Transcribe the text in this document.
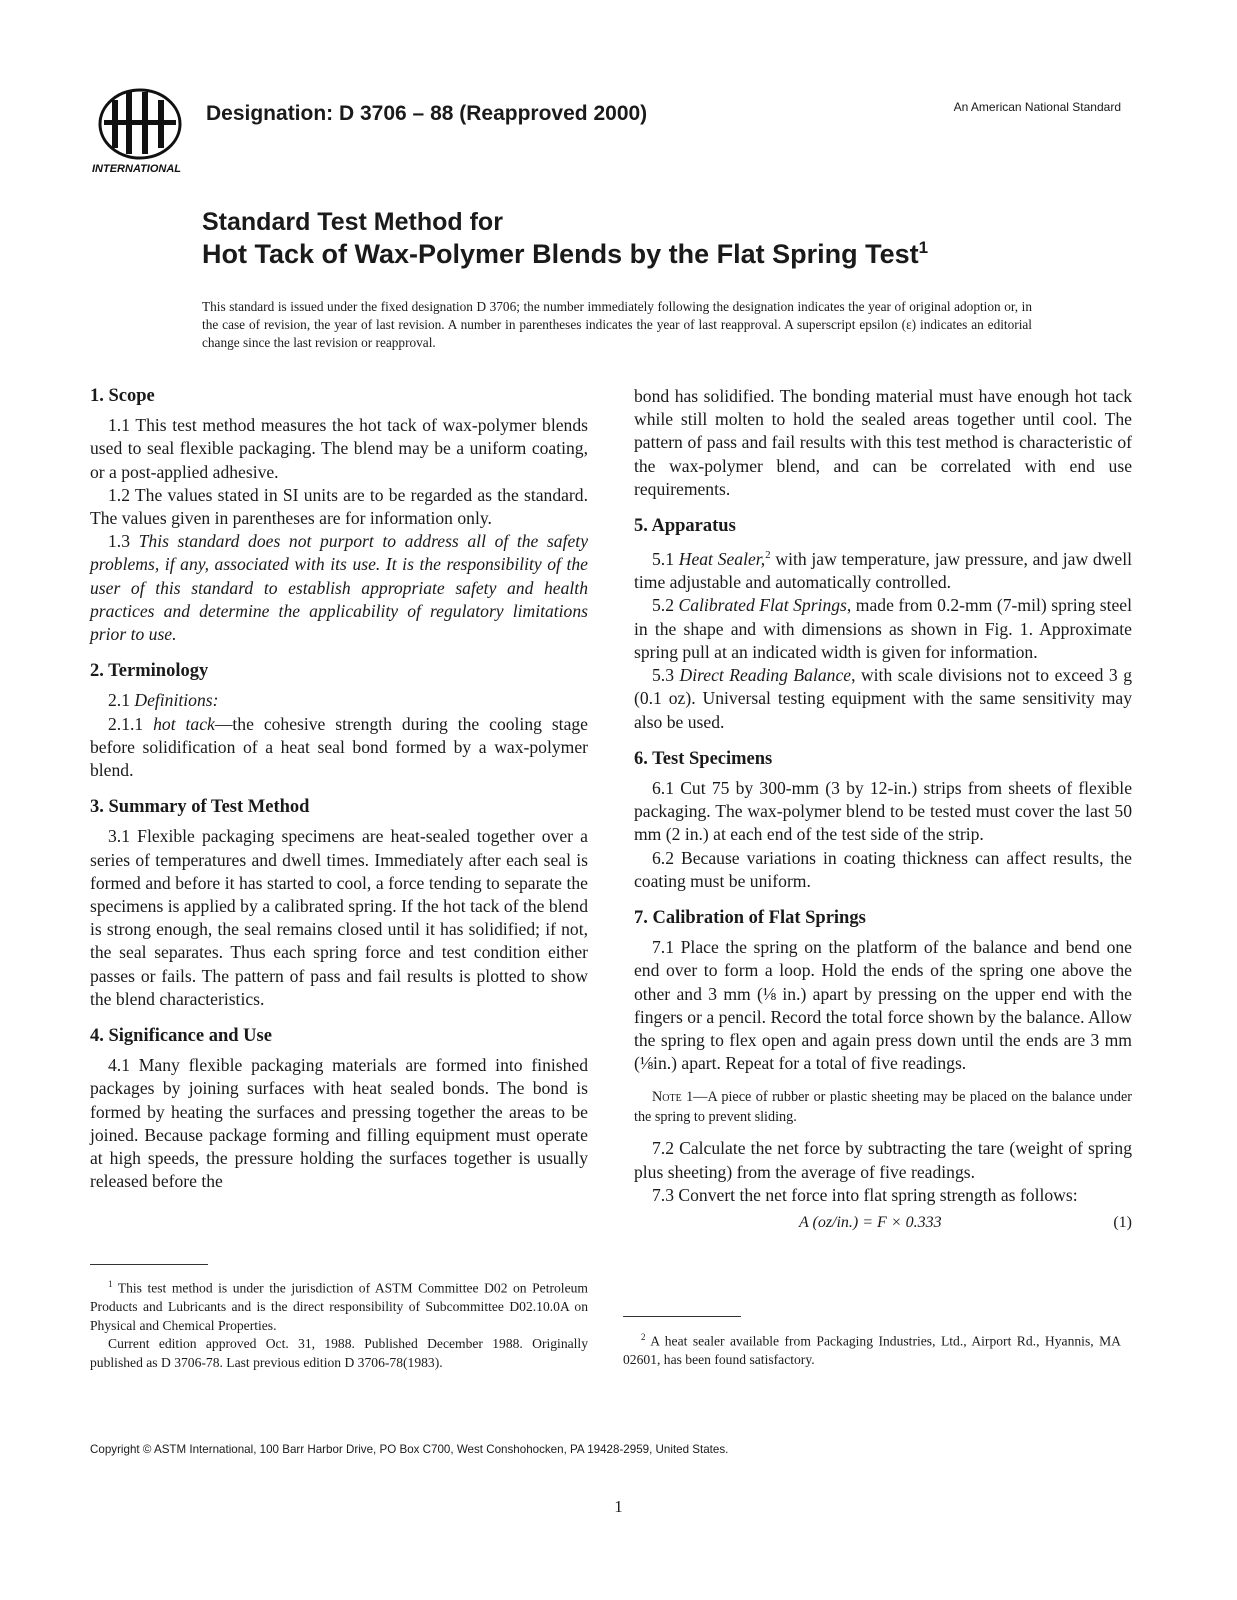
INTERNATIONAL
Designation: D 3706 – 88 (Reapproved 2000)	An American National Standard
Standard Test Method for
Hot Tack of Wax-Polymer Blends by the Flat Spring Test$^1$
This standard is issued under the fixed designation D 3706; the number immediately following the designation indicates the year of original adoption or, in the case of revision, the year of last revision. A number in parentheses indicates the year of last reapproval. A superscript epsilon (ε) indicates an editorial change since the last revision or reapproval.
1. Scope

1.1 This test method measures the hot tack of wax-polymer blends used to seal flexible packaging. The blend may be a uniform coating, or a post-applied adhesive.

1.2 The values stated in SI units are to be regarded as the standard. The values given in parentheses are for information only.

1.3 This standard does not purport to address all of the safety problems, if any, associated with its use. It is the responsibility of the user of this standard to establish appropriate safety and health practices and determine the applicability of regulatory limitations prior to use.

2. Terminology

2.1 Definitions:

2.1.1 hot tack—the cohesive strength during the cooling stage before solidification of a heat seal bond formed by a wax-polymer blend.

3. Summary of Test Method

3.1 Flexible packaging specimens are heat-sealed together over a series of temperatures and dwell times. Immediately after each seal is formed and before it has started to cool, a force tending to separate the specimens is applied by a calibrated spring. If the hot tack of the blend is strong enough, the seal remains closed until it has solidified; if not, the seal separates. Thus each spring force and test condition either passes or fails. The pattern of pass and fail results is plotted to show the blend characteristics.

4. Significance and Use

4.1 Many flexible packaging materials are formed into finished packages by joining surfaces with heat sealed bonds. The bond is formed by heating the surfaces and pressing together the areas to be joined. Because package forming and filling equipment must operate at high speeds, the pressure holding the surfaces together is usually released before the

bond has solidified. The bonding material must have enough hot tack while still molten to hold the sealed areas together until cool. The pattern of pass and fail results with this test method is characteristic of the wax-polymer blend, and can be correlated with end use requirements.

5. Apparatus

5.1 Heat Sealer,$^2$ with jaw temperature, jaw pressure, and jaw dwell time adjustable and automatically controlled.

5.2 Calibrated Flat Springs, made from 0.2-mm (7-mil) spring steel in the shape and with dimensions as shown in Fig. 1. Approximate spring pull at an indicated width is given for information.

5.3 Direct Reading Balance, with scale divisions not to exceed 3 g (0.1 oz). Universal testing equipment with the same sensitivity may also be used.

6. Test Specimens

6.1 Cut 75 by 300-mm (3 by 12-in.) strips from sheets of flexible packaging. The wax-polymer blend to be tested must cover the last 50 mm (2 in.) at each end of the test side of the strip.

6.2 Because variations in coating thickness can affect results, the coating must be uniform.

7. Calibration of Flat Springs

7.1 Place the spring on the platform of the balance and bend one end over to form a loop. Hold the ends of the spring one above the other and 3 mm (⅛ in.) apart by pressing on the upper end with the fingers or a pencil. Record the total force shown by the balance. Allow the spring to flex open and again press down until the ends are 3 mm (⅛in.) apart. Repeat for a total of five readings.

Note 1—A piece of rubber or plastic sheeting may be placed on the balance under the spring to prevent sliding.

7.2 Calculate the net force by subtracting the tare (weight of spring plus sheeting) from the average of five readings.

7.3 Convert the net force into flat spring strength as follows:

A (oz/in.) = F × 0.333	(1)

$^1$ This test method is under the jurisdiction of ASTM Committee D02 on Petroleum Products and Lubricants and is the direct responsibility of Subcommittee D02.10.0A on Physical and Chemical Properties.

Current edition approved Oct. 31, 1988. Published December 1988. Originally published as D 3706-78. Last previous edition D 3706-78(1983).

$^2$ A heat sealer available from Packaging Industries, Ltd., Airport Rd., Hyannis, MA 02601, has been found satisfactory.

Copyright © ASTM International, 100 Barr Harbor Drive, PO Box C700, West Conshohocken, PA 19428-2959, United States.
1
